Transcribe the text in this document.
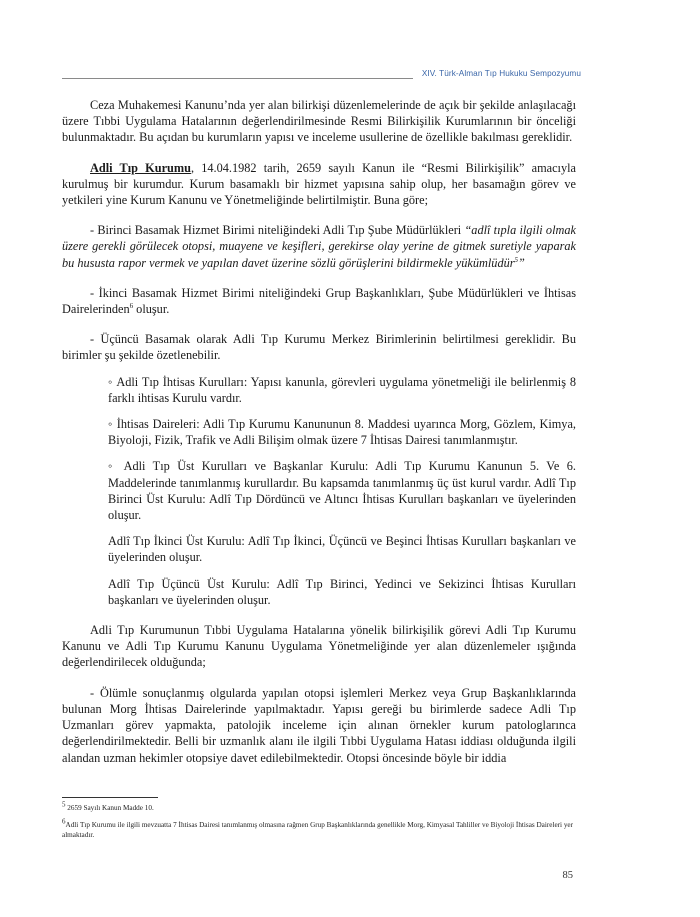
XIV. Türk-Alman Tıp Hukuku Sempozyumu

Ceza Muhakemesi Kanunu’nda yer alan bilirkişi düzenlemelerinde de açık bir şekilde anlaşılacağı üzere Tıbbi Uygulama Hatalarının değerlendirilmesinde Resmi Bilirkişilik Kurumlarının bir önceliği bulunmaktadır. Bu açıdan bu kurumların yapısı ve inceleme usullerine de özellikle bakılması gereklidir.

Adli Tıp Kurumu, 14.04.1982 tarih, 2659 sayılı Kanun ile “Resmi Bilirkişilik” amacıyla kurulmuş bir kurumdur. Kurum basamaklı bir hizmet yapısına sahip olup, her basamağın görev ve yetkileri yine Kurum Kanunu ve Yönetmeliğinde belirtilmiştir. Buna göre;

- Birinci Basamak Hizmet Birimi niteliğindeki Adli Tıp Şube Müdürlükleri “adlî tıpla ilgili olmak üzere gerekli görülecek otopsi, muayene ve keşifleri, gerekirse olay yerine de gitmek suretiyle yaparak bu hususta rapor vermek ve yapılan davet üzerine sözlü görüşlerini bildirmekle yükümlüdür$^5$”

- İkinci Basamak Hizmet Birimi niteliğindeki Grup Başkanlıkları, Şube Müdürlükleri ve İhtisas Dairelerinden$^6$ oluşur.

- Üçüncü Basamak olarak Adli Tıp Kurumu Merkez Birimlerinin belirtilmesi gereklidir. Bu birimler şu şekilde özetlenebilir.

◦ Adli Tıp İhtisas Kurulları: Yapısı kanunla, görevleri uygulama yönetmeliği ile belirlenmiş 8 farklı ihtisas Kurulu vardır.

◦ İhtisas Daireleri: Adli Tıp Kurumu Kanununun 8. Maddesi uyarınca Morg, Gözlem, Kimya, Biyoloji, Fizik, Trafik ve Adli Bilişim olmak üzere 7 İhtisas Dairesi tanımlanmıştır.

◦ Adli Tıp Üst Kurulları ve Başkanlar Kurulu: Adli Tıp Kurumu Kanunun 5. Ve 6. Maddelerinde tanımlanmış kurullardır. Bu kapsamda tanımlanmış üç üst kurul vardır. Adlî Tıp Birinci Üst Kurulu: Adlî Tıp Dördüncü ve Altıncı İhtisas Kurulları başkanları ve üyelerinden oluşur.

Adlî Tıp İkinci Üst Kurulu: Adlî Tıp İkinci, Üçüncü ve Beşinci İhtisas Kurulları başkanları ve üyelerinden oluşur.

Adlî Tıp Üçüncü Üst Kurulu: Adlî Tıp Birinci, Yedinci ve Sekizinci İhtisas Kurulları başkanları ve üyelerinden oluşur.

Adli Tıp Kurumunun Tıbbi Uygulama Hatalarına yönelik bilirkişilik görevi Adli Tıp Kurumu Kanunu ve Adli Tıp Kurumu Kanunu Uygulama Yönetmeliğinde yer alan düzenlemeler ışığında değerlendirilecek olduğunda;

- Ölümle sonuçlanmış olgularda yapılan otopsi işlemleri Merkez veya Grup Başkanlıklarında bulunan Morg İhtisas Dairelerinde yapılmaktadır. Yapısı gereği bu birimlerde sadece Adli Tıp Uzmanları görev yapmakta, patolojik inceleme için alınan örnekler kurum patologlarınca değerlendirilmektedir. Belli bir uzmanlık alanı ile ilgili Tıbbi Uygulama Hatası iddiası olduğunda ilgili alandan uzman hekimler otopsiye davet edilebilmektedir. Otopsi öncesinde böyle bir iddia

$^5$ 2659 Sayılı Kanun Madde 10.
$^6$Adli Tıp Kurumu ile ilgili mevzuatta 7 İhtisas Dairesi tanımlanmış olmasına rağmen Grup Başkanlıklarında genellikle Morg, Kimyasal Tahliller ve Biyoloji İhtisas Daireleri yer almaktadır.
85
